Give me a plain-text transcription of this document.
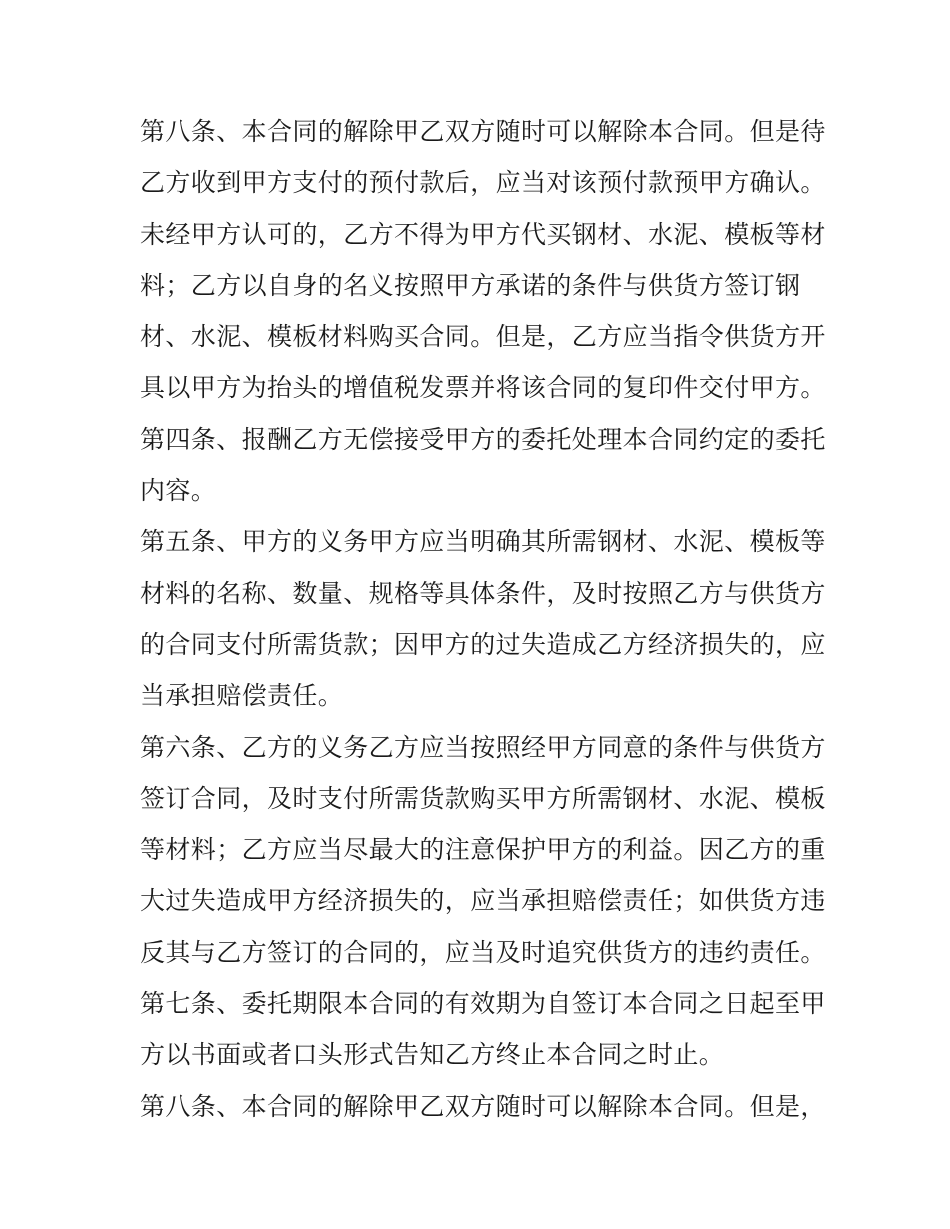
第八条、本合同的解除甲乙双方随时可以解除本合同。但是待
乙方收到甲方支付的预付款后，应当对该预付款预甲方确认。
未经甲方认可的，乙方不得为甲方代买钢材、水泥、模板等材
料；乙方以自身的名义按照甲方承诺的条件与供货方签订钢
材、水泥、模板材料购买合同。但是，乙方应当指令供货方开
具以甲方为抬头的增值税发票并将该合同的复印件交付甲方。
第四条、报酬乙方无偿接受甲方的委托处理本合同约定的委托
内容。
第五条、甲方的义务甲方应当明确其所需钢材、水泥、模板等
材料的名称、数量、规格等具体条件，及时按照乙方与供货方
的合同支付所需货款；因甲方的过失造成乙方经济损失的，应
当承担赔偿责任。
第六条、乙方的义务乙方应当按照经甲方同意的条件与供货方
签订合同，及时支付所需货款购买甲方所需钢材、水泥、模板
等材料；乙方应当尽最大的注意保护甲方的利益。因乙方的重
大过失造成甲方经济损失的，应当承担赔偿责任；如供货方违
反其与乙方签订的合同的，应当及时追究供货方的违约责任。
第七条、委托期限本合同的有效期为自签订本合同之日起至甲
方以书面或者口头形式告知乙方终止本合同之时止。
第八条、本合同的解除甲乙双方随时可以解除本合同。但是，
